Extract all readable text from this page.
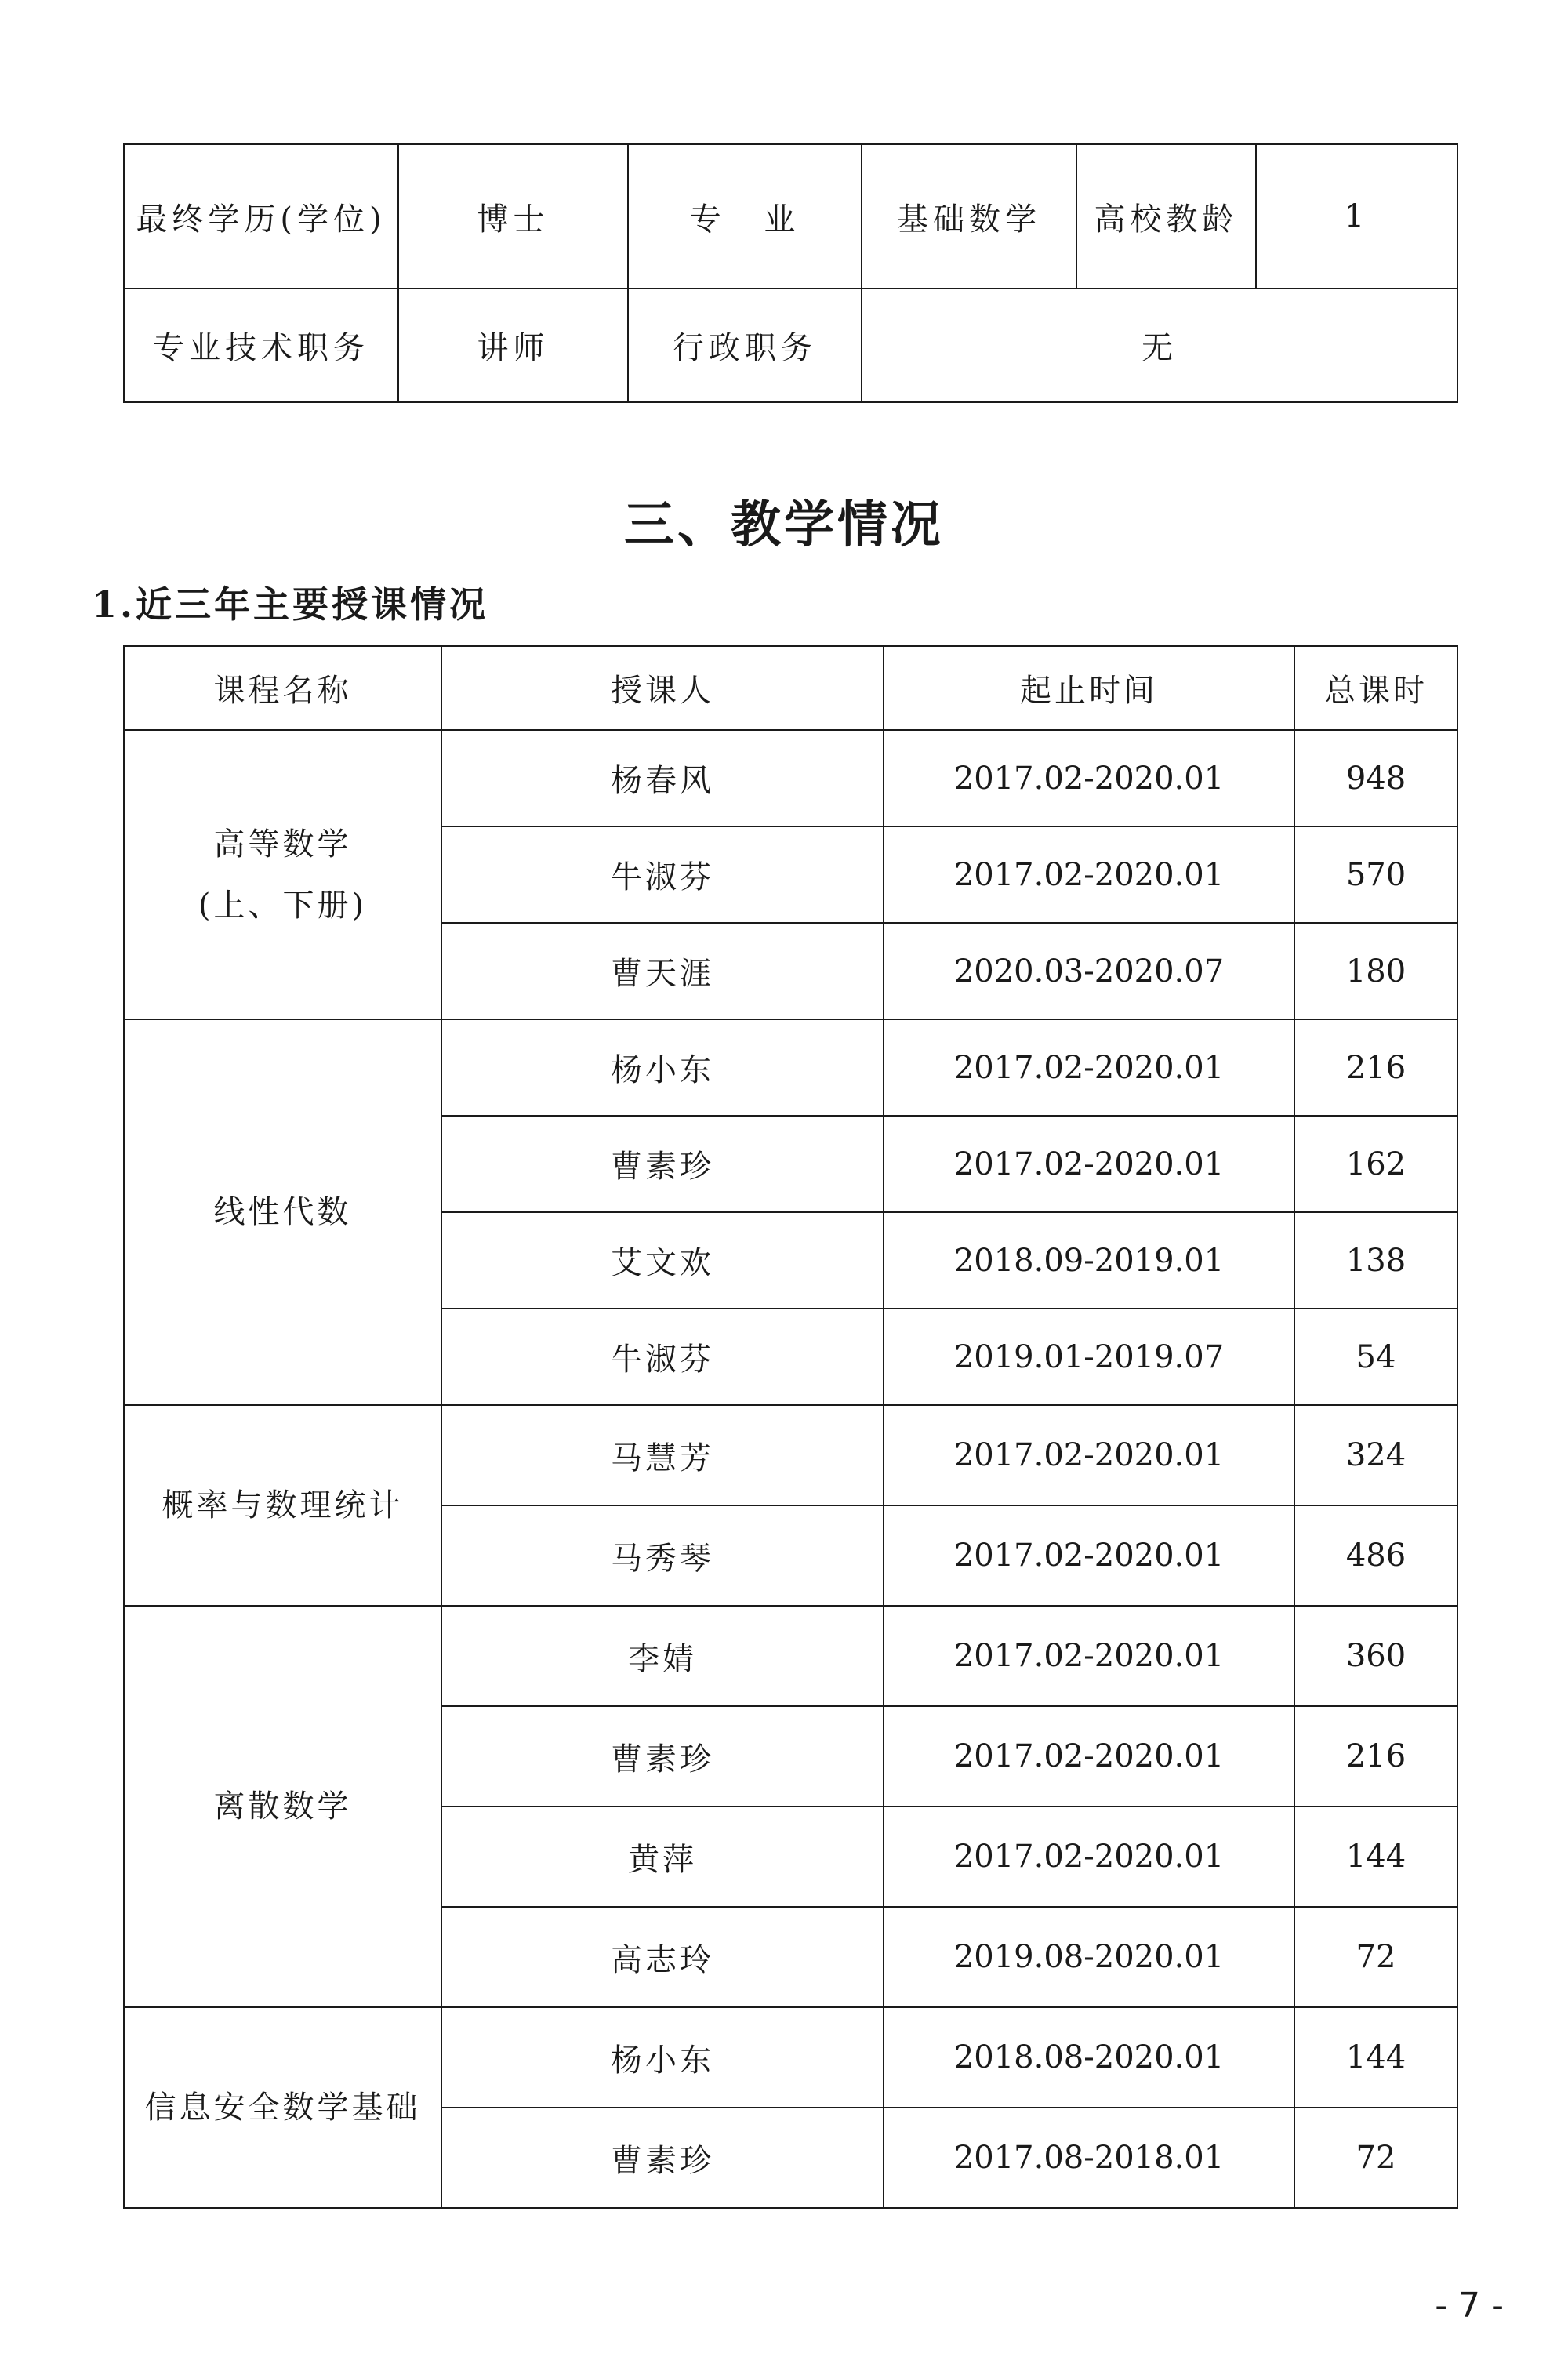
最终学历(学位)	博士	专 业	基础数学	高校教龄	1
专业技术职务	讲师	行政职务	无		
三、教学情况
1.近三年主要授课情况
课程名称	授课人	起止时间	总课时

高等数学
(上、下册)	杨春风	2017.02-2020.01	948
	牛淑芬	2017.02-2020.01	570
	曹天涯	2020.03-2020.07	180

线性代数	杨小东	2017.02-2020.01	216
	曹素珍	2017.02-2020.01	162
	艾文欢	2018.09-2019.01	138
	牛淑芬	2019.01-2019.07	54

概率与数理统计	马慧芳	2017.02-2020.01	324
	马秀琴	2017.02-2020.01	486

离散数学	李婧	2017.02-2020.01	360
	曹素珍	2017.02-2020.01	216
	黄萍	2017.02-2020.01	144
	高志玲	2019.08-2020.01	72

信息安全数学基础	杨小东	2018.08-2020.01	144
	曹素珍	2017.08-2018.01	72
- 7 -
